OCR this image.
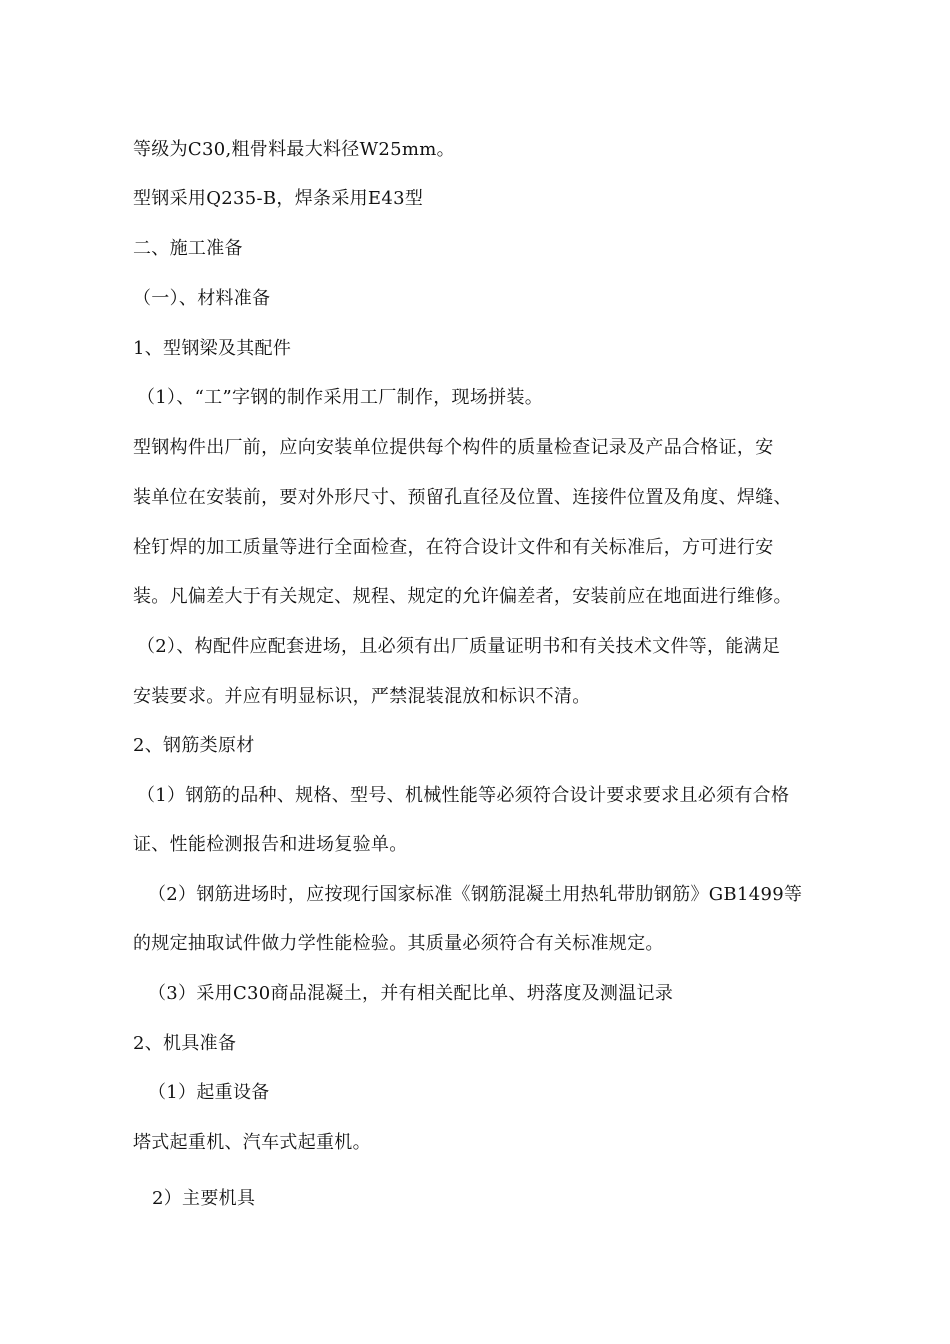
等级为C30,粗骨料最大料径W25mm。
型钢采用Q235-B，焊条采用E43型
二、施工准备
（一）、材料准备
1、型钢梁及其配件
（1）、“工”字钢的制作采用工厂制作，现场拼装。
型钢构件出厂前，应向安装单位提供每个构件的质量检查记录及产品合格证，安
装单位在安装前，要对外形尺寸、预留孔直径及位置、连接件位置及角度、焊缝、
栓钉焊的加工质量等进行全面检查，在符合设计文件和有关标准后，方可进行安
装。凡偏差大于有关规定、规程、规定的允许偏差者，安装前应在地面进行维修。
（2）、构配件应配套进场，且必须有出厂质量证明书和有关技术文件等，能满足
安装要求。并应有明显标识，严禁混装混放和标识不清。
2、钢筋类原材
（1）钢筋的品种、规格、型号、机械性能等必须符合设计要求要求且必须有合格
证、性能检测报告和进场复验单。
（2）钢筋进场时，应按现行国家标准《钢筋混凝土用热轧带肋钢筋》GB1499等
的规定抽取试件做力学性能检验。其质量必须符合有关标准规定。
（3）采用C30商品混凝土，并有相关配比单、坍落度及测温记录
2、机具准备
（1）起重设备
塔式起重机、汽车式起重机。
2）主要机具
